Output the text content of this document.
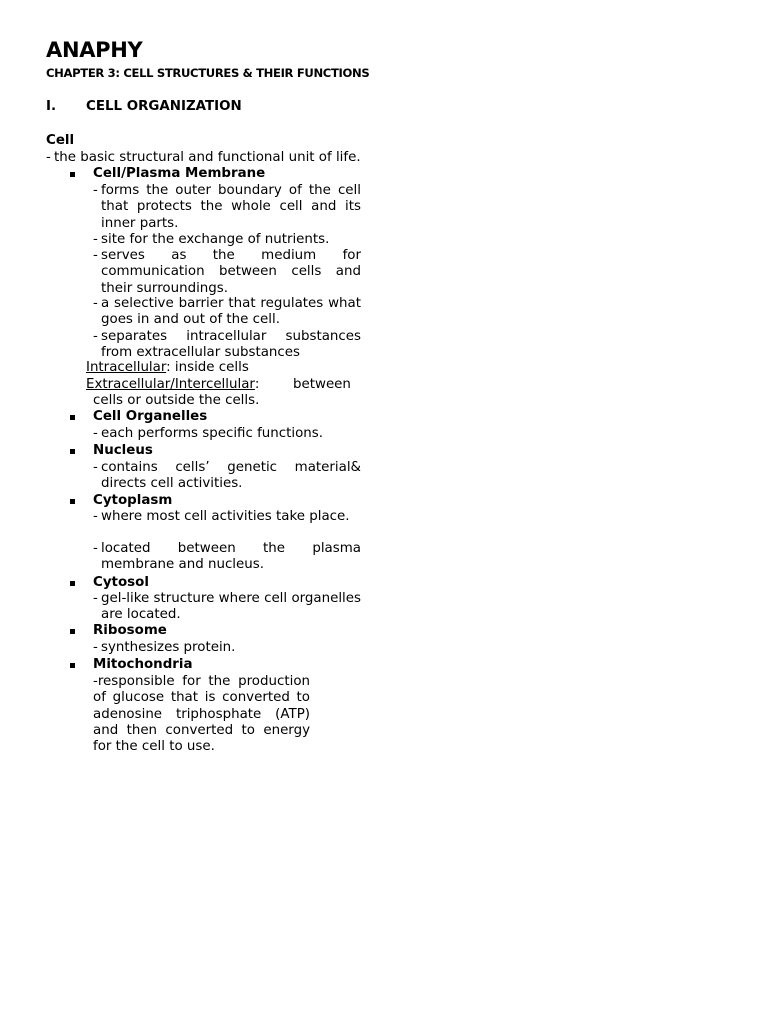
ANAPHY
CHAPTER 3: CELL STRUCTURES & THEIR FUNCTIONS
I. CELL ORGANIZATION
Cell
- the basic structural and functional unit of life.
Cell/Plasma Membrane
- forms the outer boundary of the cell that protects the whole cell and its inner parts.
- site for the exchange of nutrients.
- serves as the medium for communication between cells and their surroundings.
- a selective barrier that regulates what goes in and out of the cell.
- separates intracellular substances from extracellular substances
Intracellular: inside cells
Extracellular/Intercellular: between
cells or outside the cells.
Cell Organelles
- each performs specific functions.
Nucleus
- contains cells’ genetic material& directs cell activities.
Cytoplasm
- where most cell activities take place.
- located between the plasma membrane and nucleus.
Cytosol
- gel-like structure where cell organelles are located.
Ribosome
- synthesizes protein.
Mitochondria
-responsible for the production of glucose that is converted to adenosine triphosphate (ATP) and then converted to energy for the cell to use.
